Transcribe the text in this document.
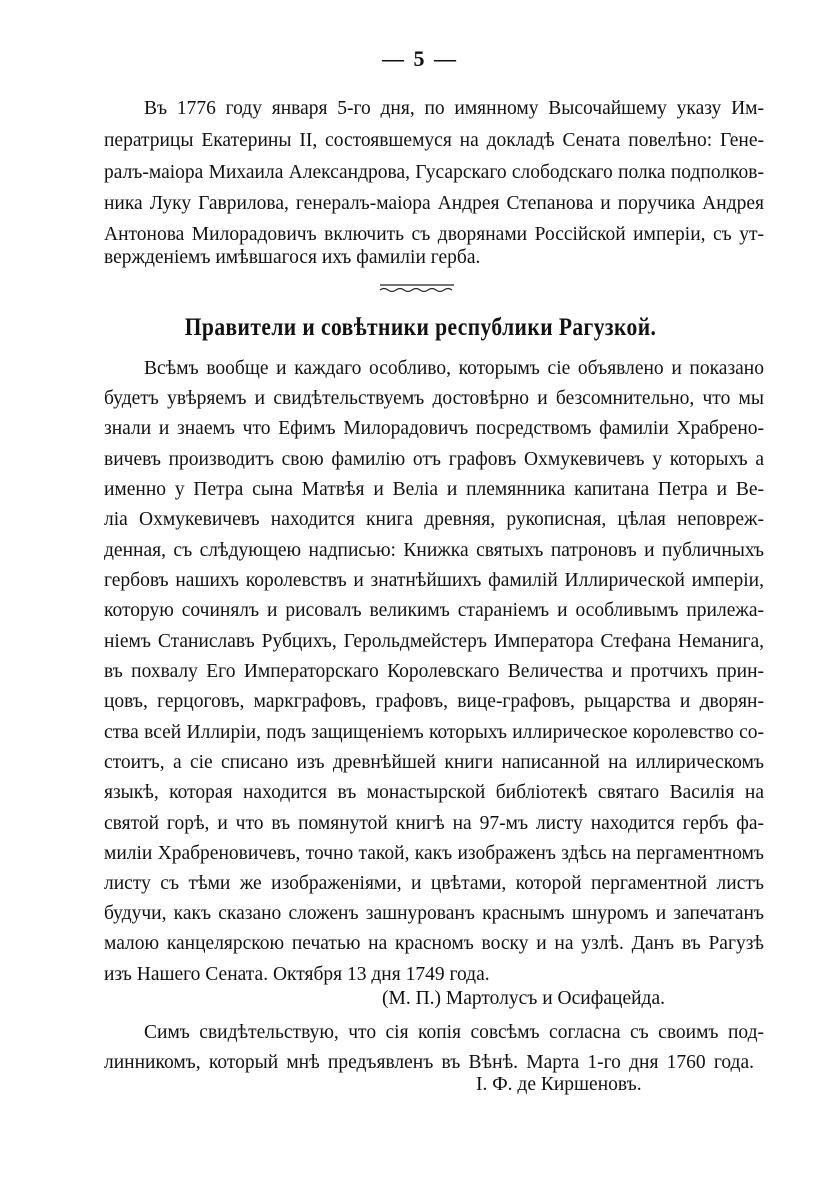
— 5 —
Въ 1776 году января 5-го дня, по имянному Высочайшему указу Им-
ператрицы Екатерины II, состоявшемуся на докладѣ Сената повелѣно: Гене-
ралъ-маіора Михаила Александрова, Гусарскаго слободскаго полка подполков-
ника Луку Гаврилова, генералъ-маіора Андрея Степанова и поручика Андрея
Антонова Милорадовичъ включить съ дворянами Россійской имперіи, съ ут-
вержденіемъ имѣвшагося ихъ фамиліи герба.
Правители и совѣтники республики Рагузкой.
Всѣмъ вообще и каждаго особливо, которымъ сіе объявлено и показано
будетъ увѣряемъ и свидѣтельствуемъ достовѣрно и безсомнительно, что мы
знали и знаемъ что Ефимъ Милорадовичъ посредствомъ фамиліи Храбрено-
вичевъ производитъ свою фамилію отъ графовъ Охмукевичевъ у которыхъ а
именно у Петра сына Матвѣя и Веліа и племянника капитана Петра и Ве-
ліа Охмукевичевъ находится книга древняя, рукописная, цѣлая неповреж-
денная, съ слѣдующею надписью: Книжка святыхъ патроновъ и публичныхъ
гербовъ нашихъ королевствъ и знатнѣйшихъ фамилій Иллирической имперіи,
которую сочинялъ и рисовалъ великимъ стараніемъ и особливымъ прилежа-
ніемъ Станиславъ Рубцихъ, Герольдмейстеръ Императора Стефана Неманига,
въ похвалу Его Императорскаго Королевскаго Величества и протчихъ прин-
цовъ, герцоговъ, маркграфовъ, графовъ, вице-графовъ, рыцарства и дворян-
ства всей Иллиріи, подъ защищеніемъ которыхъ иллирическое королевство со-
стоитъ, а сіе списано изъ древнѣйшей книги написанной на иллирическомъ
языкѣ, которая находится въ монастырской библіотекѣ святаго Василія на
святой горѣ, и что въ помянутой книгѣ на 97-мъ листу находится гербъ фа-
миліи Храбреновичевъ, точно такой, какъ изображенъ здѣсь на пергаментномъ
листу съ тѣми же изображеніями, и цвѣтами, которой пергаментной листъ
будучи, какъ сказано сложенъ зашнурованъ краснымъ шнуромъ и запечатанъ
малою канцелярскою печатью на красномъ воску и на узлѣ. Данъ въ Рагузѣ
изъ Нашего Сената. Октября 13 дня 1749 года.
(М. П.) Мартолусъ и Осифацейда.
Симъ свидѣтельствую, что сія копія совсѣмъ согласна съ своимъ под-
линникомъ, который мнѣ предъявленъ въ Вѣнѣ. Марта 1-го дня 1760 года.
І. Ф. де Киршеновъ.
